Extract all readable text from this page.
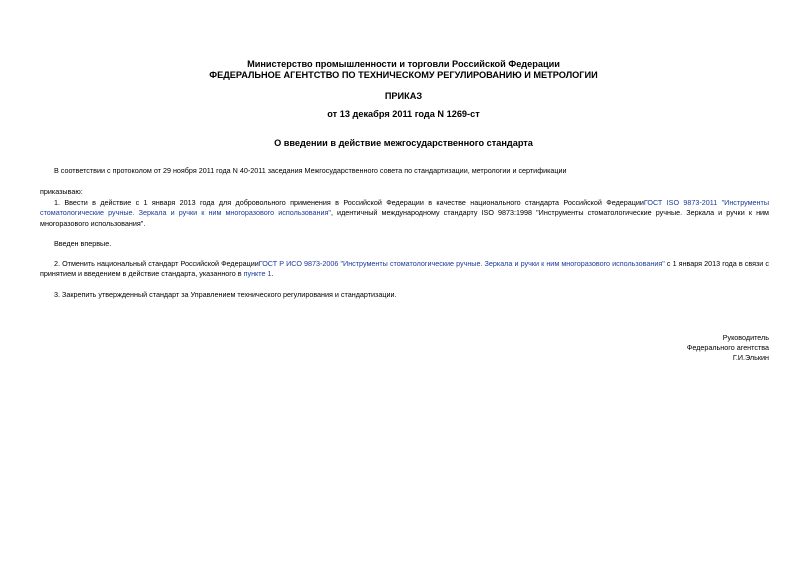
Министерство промышленности и торговли Российской Федерации
ФЕДЕРАЛЬНОЕ АГЕНТСТВО ПО ТЕХНИЧЕСКОМУ РЕГУЛИРОВАНИЮ И МЕТРОЛОГИИ
ПРИКАЗ
от 13 декабря 2011 года N 1269-ст
О введении в действие межгосударственного стандарта
В соответствии с протоколом от 29 ноября 2011 года N 40-2011 заседания Межгосударственного совета по стандартизации, метрологии и сертификации
приказываю:
1. Ввести в действие с 1 января 2013 года для добровольного применения в Российской Федерации в качестве национального стандарта Российской ФедерацииГОСТ ISO 9873-2011 "Инструменты стоматологические ручные. Зеркала и ручки к ним многоразового использования", идентичный международному стандарту ISO 9873:1998 "Инструменты стоматологические ручные. Зеркала и ручки к ним многоразового использования".
Введен впервые.
2. Отменить национальный стандарт Российской ФедерацииГОСТ Р ИСО 9873-2006 "Инструменты стоматологические ручные. Зеркала и ручки к ним многоразового использования" с 1 января 2013 года в связи с принятием и введением в действие стандарта, указанного в пункте 1.
3. Закрепить утвержденный стандарт за Управлением технического регулирования и стандартизации.
Руководитель
Федерального агентства
Г.И.Элькин
